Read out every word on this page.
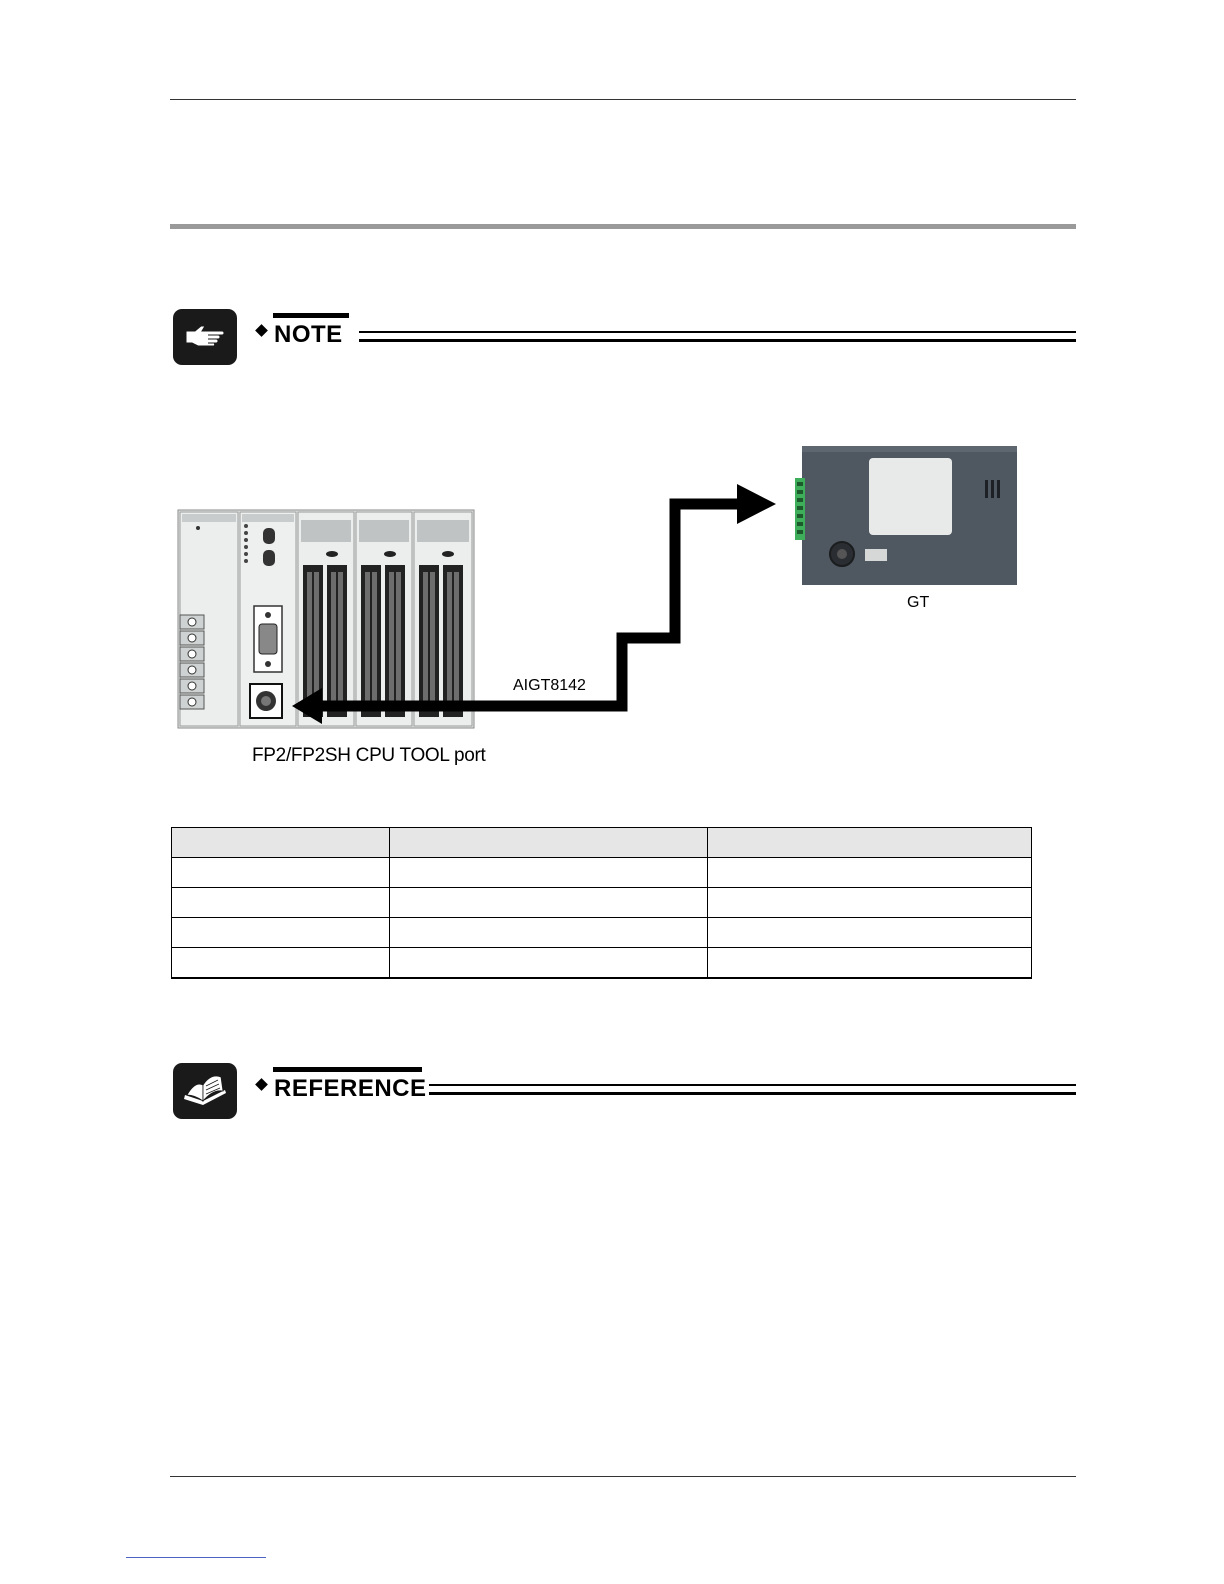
NOTE
AIGT8142
GT
FP2/FP2SH CPU TOOL port

REFERENCE
